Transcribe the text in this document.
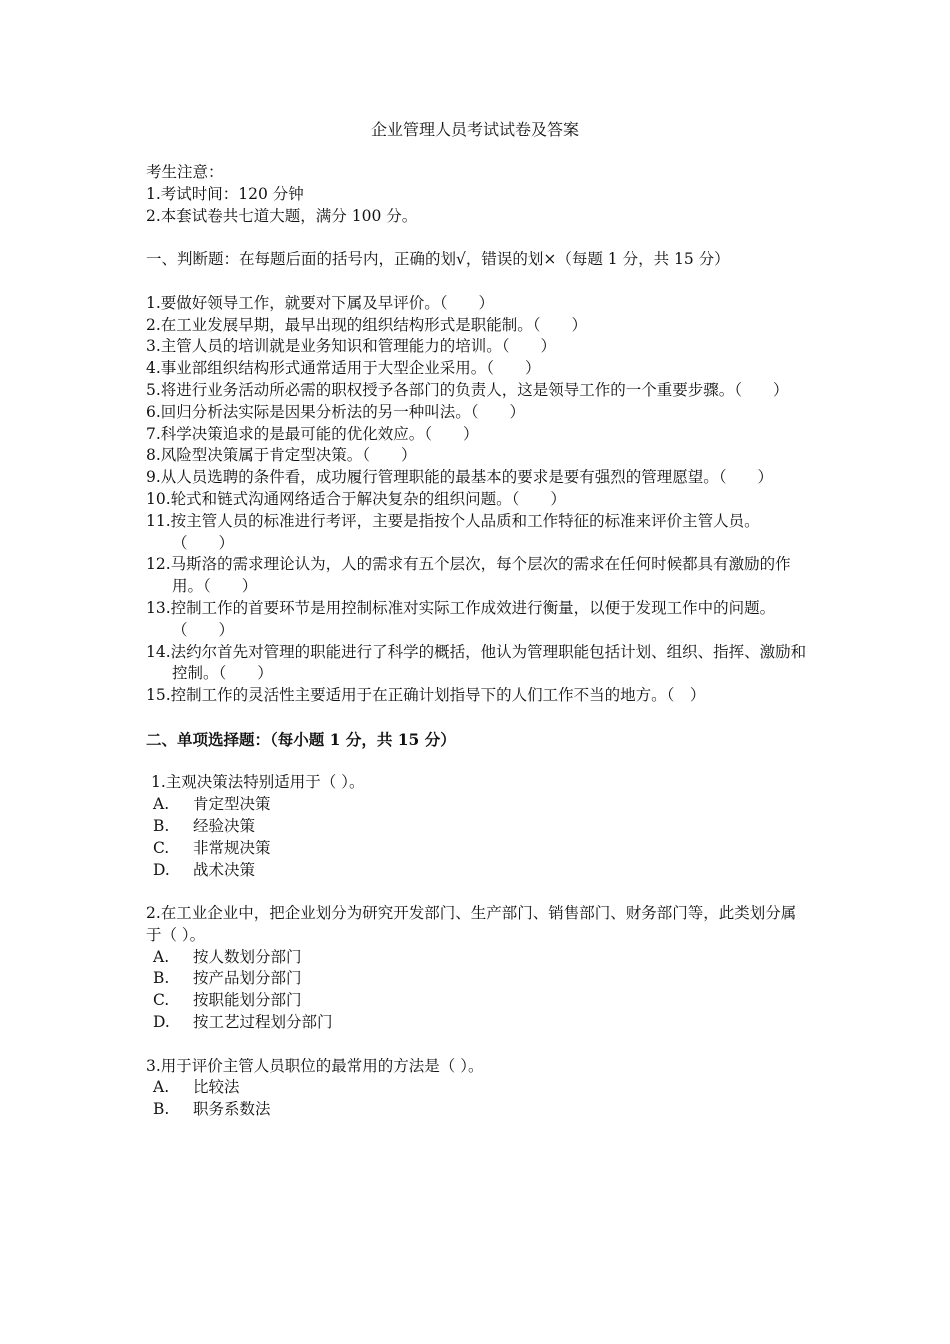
企业管理人员考试试卷及答案
考生注意：
1.考试时间：120 分钟
2.本套试卷共七道大题，满分 100 分。
一、判断题：在每题后面的括号内，正确的划√，错误的划×（每题 1 分，共 15 分）
1.要做好领导工作，就要对下属及早评价。（　　）
2.在工业发展早期，最早出现的组织结构形式是职能制。（　　）
3.主管人员的培训就是业务知识和管理能力的培训。（　　）
4.事业部组织结构形式通常适用于大型企业采用。（　　）
5.将进行业务活动所必需的职权授予各部门的负责人，这是领导工作的一个重要步骤。（　　）
6.回归分析法实际是因果分析法的另一种叫法。（　　）
7.科学决策追求的是最可能的优化效应。（　　）
8.风险型决策属于肯定型决策。（　　）
9.从人员选聘的条件看，成功履行管理职能的最基本的要求是要有强烈的管理愿望。（　　）
10.轮式和链式沟通网络适合于解决复杂的组织问题。（　　）
11.按主管人员的标准进行考评，主要是指按个人品质和工作特征的标准来评价主管人员。　（　　）
12.马斯洛的需求理论认为，人的需求有五个层次，每个层次的需求在任何时候都具有激励的作用。（　　）
13.控制工作的首要环节是用控制标准对实际工作成效进行衡量，以便于发现工作中的问题。（　　）
14.法约尔首先对管理的职能进行了科学的概括，他认为管理职能包括计划、组织、指挥、激励和控制。（　　）
15.控制工作的灵活性主要适用于在正确计划指导下的人们工作不当的地方。（　）
二、单项选择题：（每小题 1 分，共 15 分）
1.主观决策法特别适用于（ ）。
A. 肯定型决策
B. 经验决策
C. 非常规决策
D. 战术决策
2.在工业企业中，把企业划分为研究开发部门、生产部门、销售部门、财务部门等，此类划分属于（ ）。
A. 按人数划分部门
B. 按产品划分部门
C. 按职能划分部门
D. 按工艺过程划分部门
3.用于评价主管人员职位的最常用的方法是（ ）。
A. 比较法
B. 职务系数法
